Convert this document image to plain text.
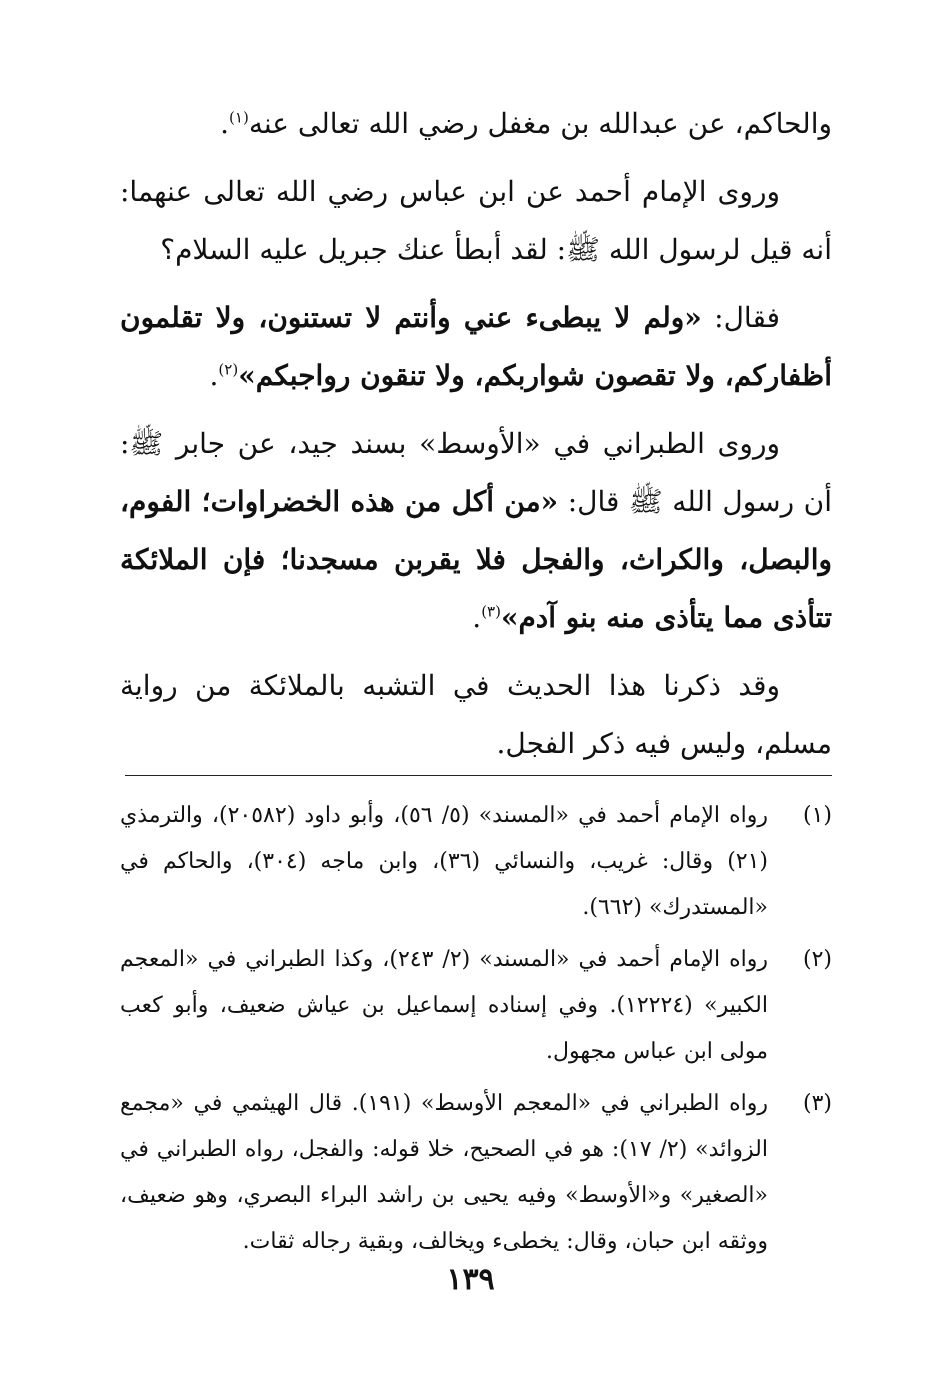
والحاكم، عن عبدالله بن مغفل رضي الله تعالى عنه$^{(١)}$.

وروى الإمام أحمد عن ابن عباس رضي الله تعالى عنهما: أنه قيل لرسول الله ﷺ: لقد أبطأ عنك جبريل عليه السلام؟

فقال: «ولم لا يبطىء عني وأنتم لا تستنون، ولا تقلمون أظفاركم، ولا تقصون شواربكم، ولا تنقون رواجبكم»$^{(٢)}$.

وروى الطبراني في «الأوسط» بسند جيد، عن جابر ﷺ: أن رسول الله ﷺ قال: «من أكل من هذه الخضراوات؛ الفوم، والبصل، والكراث، والفجل فلا يقربن مسجدنا؛ فإن الملائكة تتأذى مما يتأذى منه بنو آدم»$^{(٣)}$.

وقد ذكرنا هذا الحديث في التشبه بالملائكة من رواية مسلم، وليس فيه ذكر الفجل.

(١)
رواه الإمام أحمد في «المسند» (٥/ ٥٦)، وأبو داود (٢٠٥٨٢)، والترمذي (٢١) وقال: غريب، والنسائي (٣٦)، وابن ماجه (٣٠٤)، والحاكم في «المستدرك» (٦٦٢).
(٢)
رواه الإمام أحمد في «المسند» (٢/ ٢٤٣)، وكذا الطبراني في «المعجم الكبير» (١٢٢٢٤). وفي إسناده إسماعيل بن عياش ضعيف، وأبو كعب مولى ابن عباس مجهول.
(٣)
رواه الطبراني في «المعجم الأوسط» (١٩١). قال الهيثمي في «مجمع الزوائد» (٢/ ١٧): هو في الصحيح، خلا قوله: والفجل، رواه الطبراني في «الصغير» و«الأوسط» وفيه يحيى بن راشد البراء البصري، وهو ضعيف، ووثقه ابن حبان، وقال: يخطىء ويخالف، وبقية رجاله ثقات.
١٣٩
